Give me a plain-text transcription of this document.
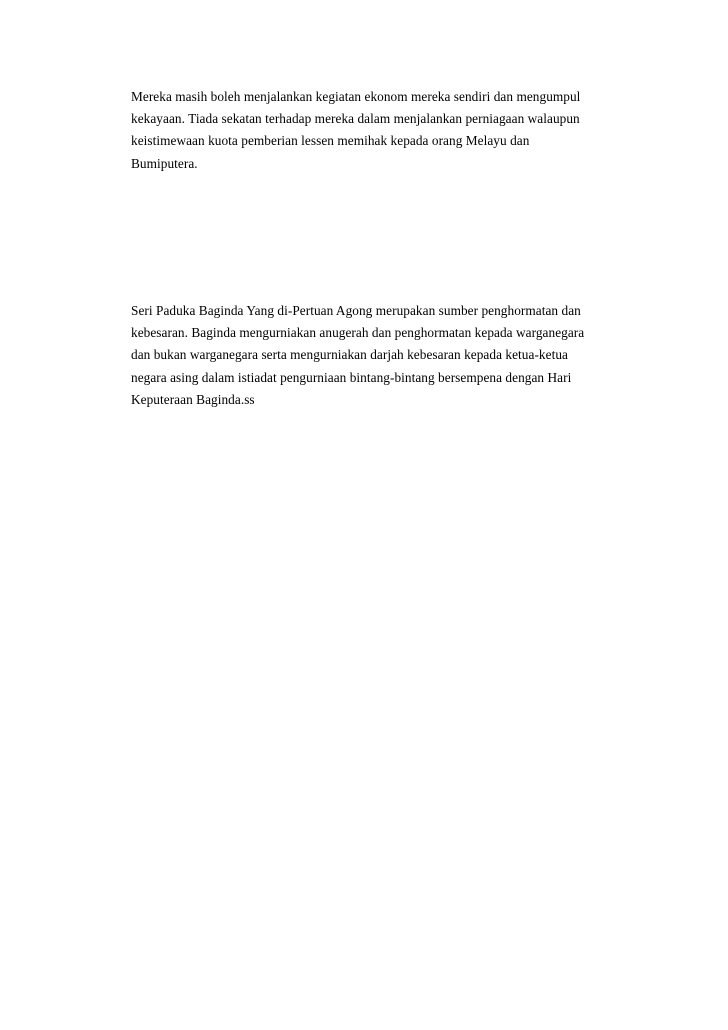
Mereka masih boleh menjalankan kegiatan ekonom mereka sendiri dan mengumpul
kekayaan. Tiada sekatan terhadap mereka dalam menjalankan perniagaan walaupun
keistimewaan kuota pemberian lessen memihak kepada orang Melayu dan
Bumiputera.

Seri Paduka Baginda Yang di-Pertuan Agong merupakan sumber penghormatan dan
kebesaran. Baginda mengurniakan anugerah dan penghormatan kepada warganegara
dan bukan warganegara serta mengurniakan darjah kebesaran kepada ketua-ketua
negara asing dalam istiadat pengurniaan bintang-bintang bersempena dengan Hari
Keputeraan Baginda.ss
